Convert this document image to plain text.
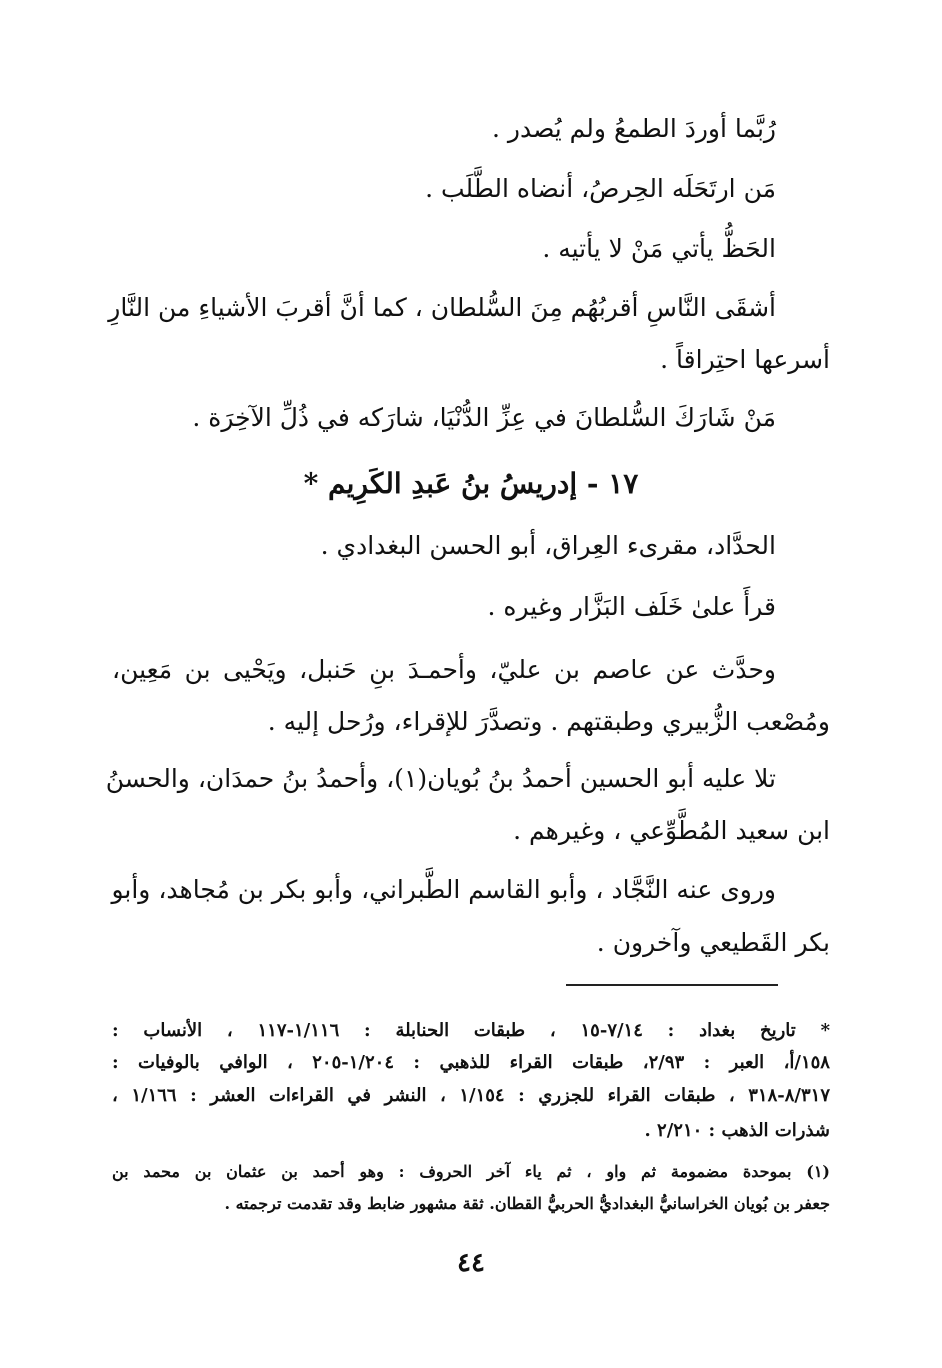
رُبَّما أوردَ الطمعُ ولم يُصدر .
مَن ارتَحَلَه الحِرصُ، أنضاه الطَّلَب .
الحَظُّ يأتي مَنْ لا يأتيه .
أشقَى النَّاسِ أقربُهُم مِنَ السُّلطان ، كما أنَّ أقربَ الأشياءِ من النَّارِ
أسرعها احتِراقاً .
مَنْ شَارَكَ السُّلطانَ في عِزِّ الدُّنْيَا، شارَكه في ذُلِّ الآخِرَة .
١٧ - إدريسُ بنُ عَبدِ الكَرِيم *
الحدَّاد، مقرىء العِراق، أبو الحسن البغدادي .
قرأَ علىٰ خَلَف البَزَّار وغيره .
وحدَّث عن عاصم بن عليّ، وأحمـدَ بنِ حَنبل، ويَحْيى بن مَعِين،
ومُصْعب الزُّبيري وطبقتهم . وتصدَّرَ للإقراء، ورُحل إليه .
تلا عليه أبو الحسين أحمدُ بنُ بُويان(١)، وأحمدُ بنُ حمدَان، والحسنُ
ابن سعيد المُطَّوِّعي ، وغيرهم .
وروى عنه النَّجَّاد ، وأبو القاسم الطَّبراني، وأبو بكر بن مُجاهد، وأبو
بكر القَطيعي وآخرون .
* تاريخ بغداد : ٧/١٤-١٥ ، طبقات الحنابلة : ١/١١٦-١١٧ ، الأنساب :
١٥٨/أ، العبر : ٢/٩٣، طبقات القراء للذهبي : ١/٢٠٤-٢٠٥ ، الوافي بالوفيات :
٨/٣١٧-٣١٨ ، طبقات القراء للجزري : ١/١٥٤ ، النشر في القراءات العشر : ١/١٦٦ ،
شذرات الذهب : ٢/٢١٠ .
(١) بموحدة مضمومة ثم واو ، ثم ياء آخر الحروف : وهو أحمد بن عثمان بن محمد بن
جعفر بن بُويان الخراسانيُّ البغداديُّ الحربيُّ القطان. ثقة مشهور ضابط وقد تقدمت ترجمته .
٤٤
